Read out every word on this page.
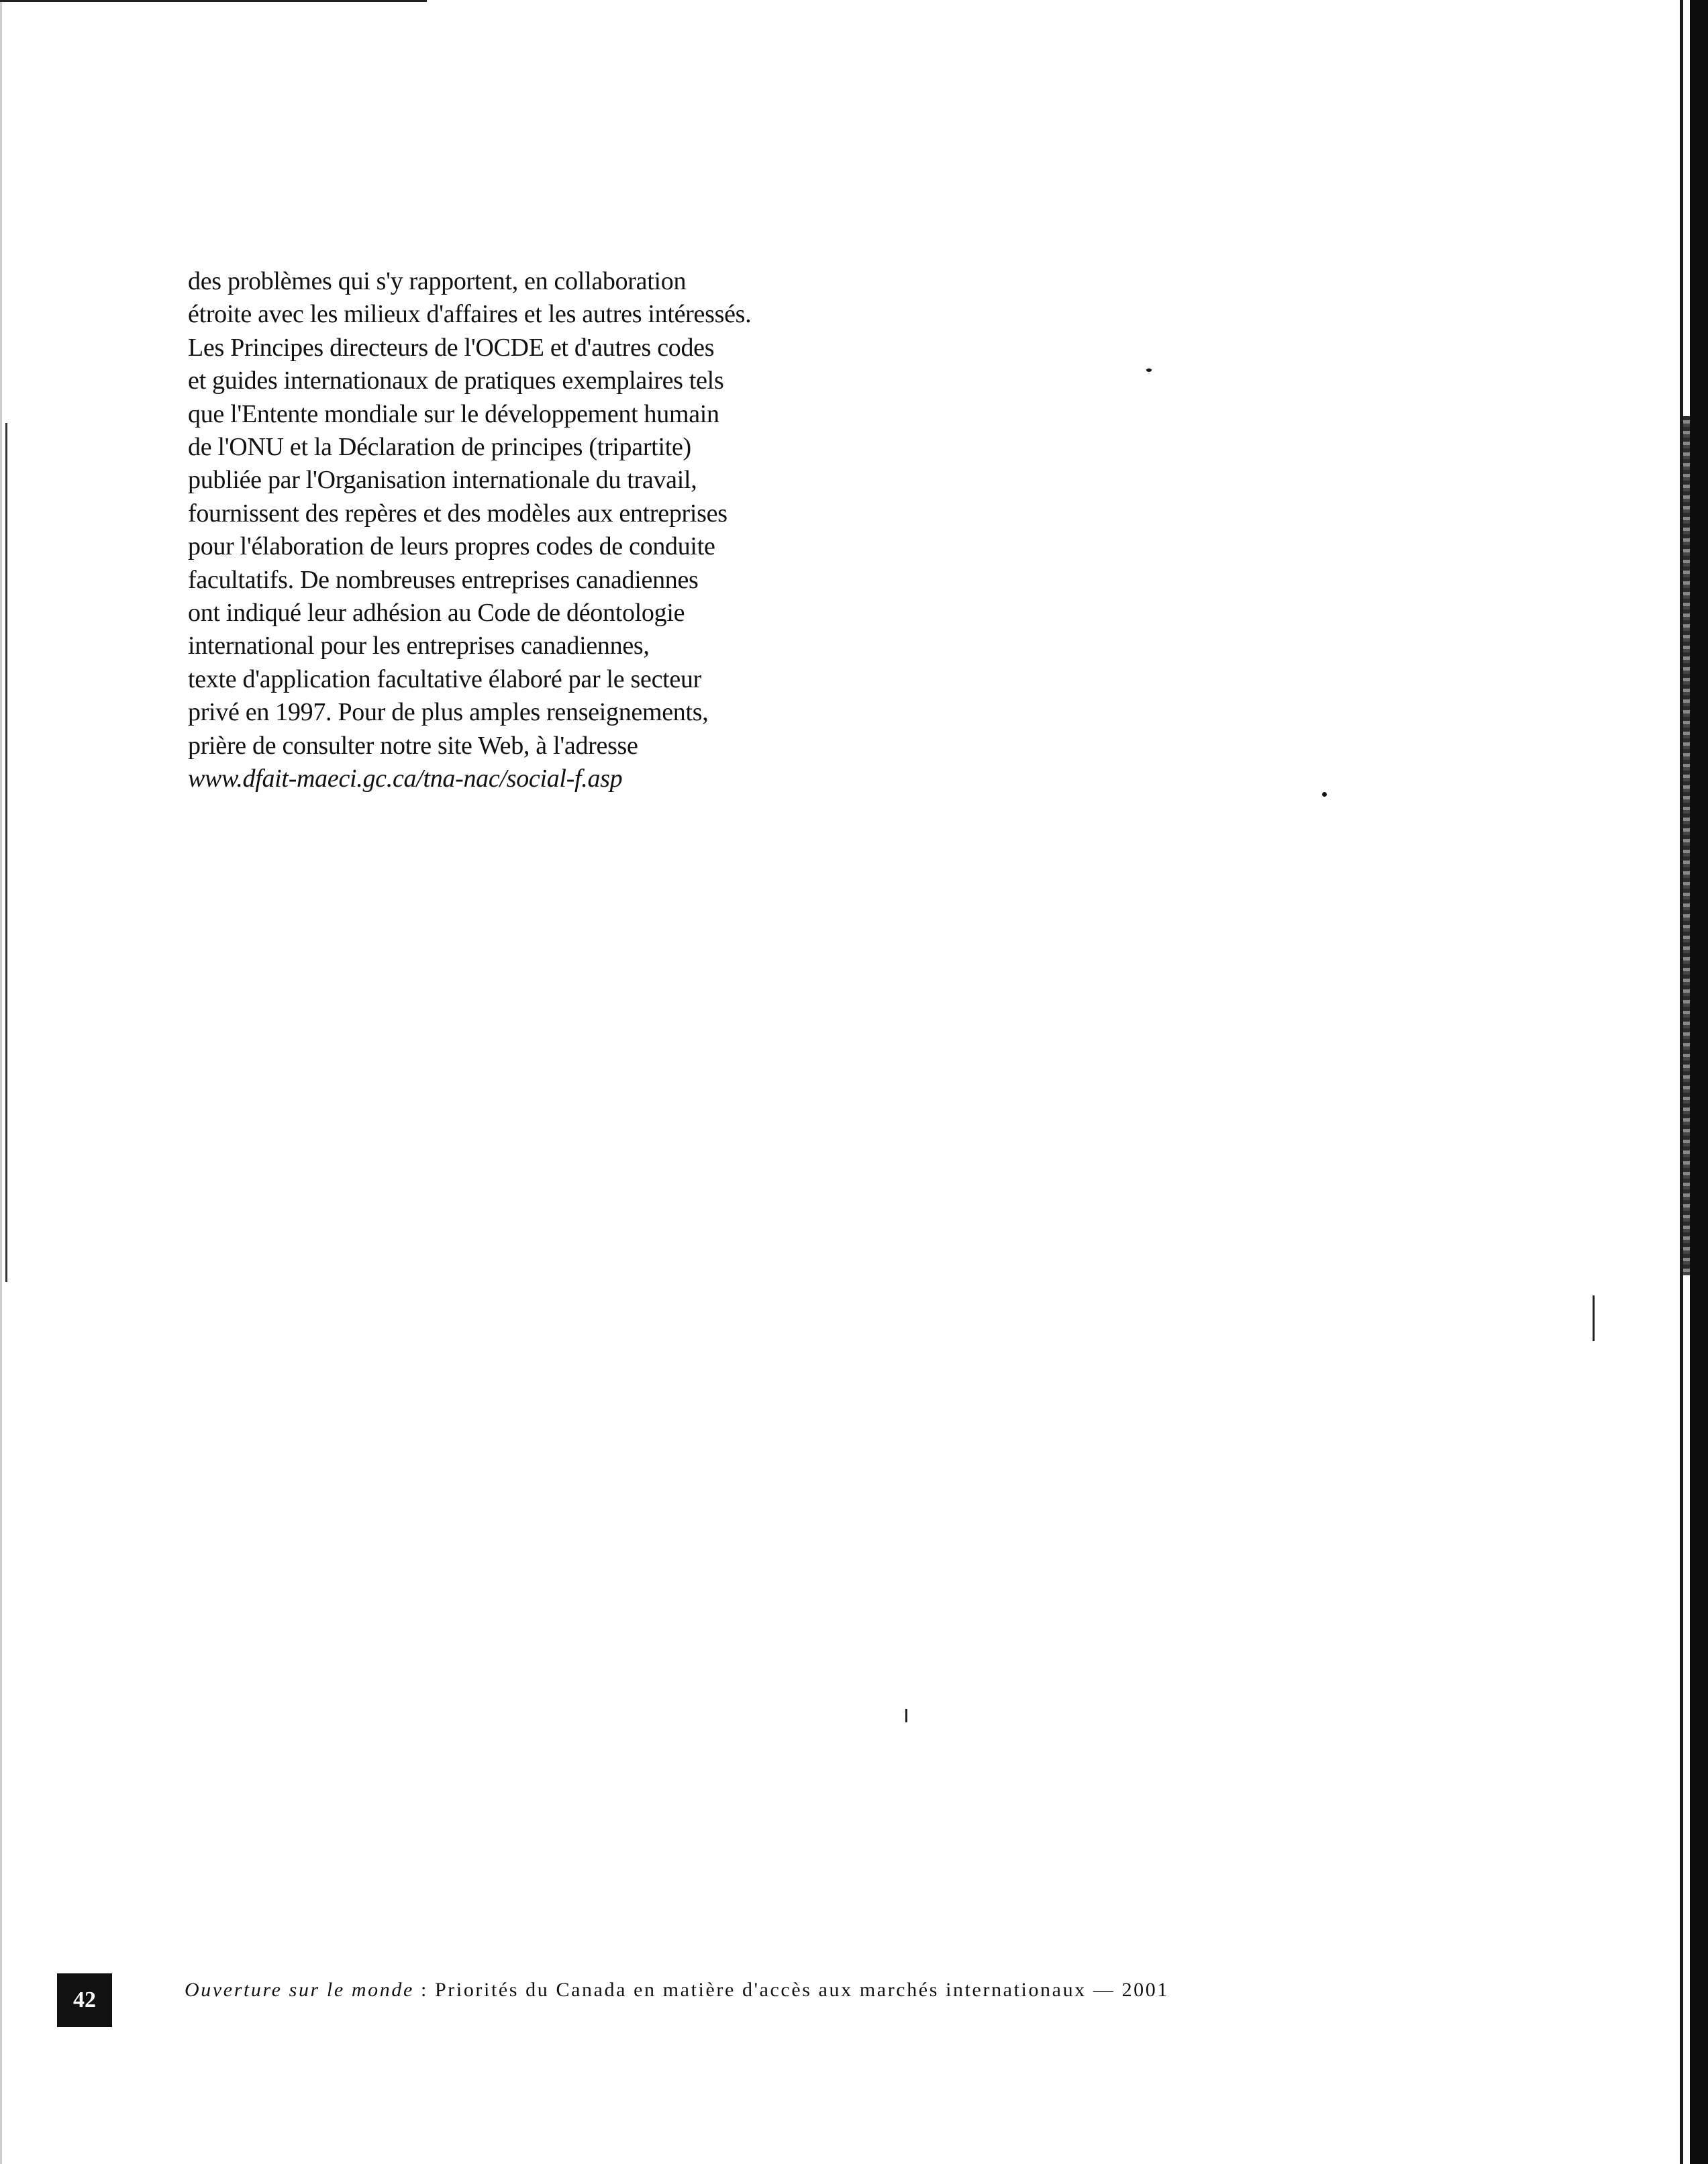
des problèmes qui s'y rapportent, en collaboration
étroite avec les milieux d'affaires et les autres intéressés.
Les Principes directeurs de l'OCDE et d'autres codes
et guides internationaux de pratiques exemplaires tels
que l'Entente mondiale sur le développement humain
de l'ONU et la Déclaration de principes (tripartite)
publiée par l'Organisation internationale du travail,
fournissent des repères et des modèles aux entreprises
pour l'élaboration de leurs propres codes de conduite
facultatifs. De nombreuses entreprises canadiennes
ont indiqué leur adhésion au Code de déontologie
international pour les entreprises canadiennes,
texte d'application facultative élaboré par le secteur
privé en 1997. Pour de plus amples renseignements,
prière de consulter notre site Web, à l'adresse
www.dfait-maeci.gc.ca/tna-nac/social-f.asp
42	Ouverture sur le monde : Priorités du Canada en matière d'accès aux marchés internationaux — 2001
